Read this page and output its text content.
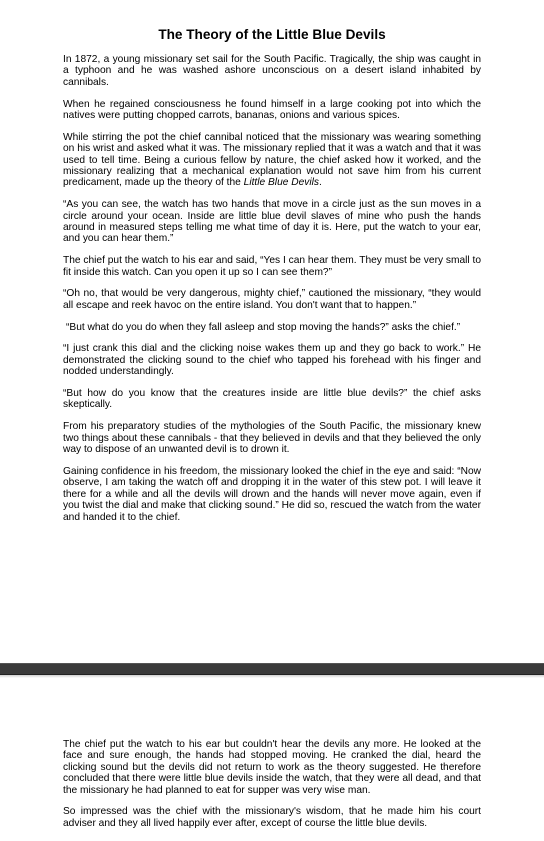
The Theory of the Little Blue Devils

In 1872, a young missionary set sail for the South Pacific. Tragically, the ship was caught in a typhoon and he was washed ashore unconscious on a desert island inhabited by cannibals.

When he regained consciousness he found himself in a large cooking pot into which the natives were putting chopped carrots, bananas, onions and various spices.

While stirring the pot the chief cannibal noticed that the missionary was wearing something on his wrist and asked what it was. The missionary replied that it was a watch and that it was used to tell time. Being a curious fellow by nature, the chief asked how it worked, and the missionary realizing that a mechanical explanation would not save him from his current predicament, made up the theory of the Little Blue Devils.

“As you can see, the watch has two hands that move in a circle just as the sun moves in a circle around your ocean. Inside are little blue devil slaves of mine who push the hands around in measured steps telling me what time of day it is. Here, put the watch to your ear, and you can hear them.”

The chief put the watch to his ear and said, “Yes I can hear them. They must be very small to fit inside this watch. Can you open it up so I can see them?”

“Oh no, that would be very dangerous, mighty chief,” cautioned the missionary, “they would all escape and reek havoc on the entire island. You don't want that to happen.”

“But what do you do when they fall asleep and stop moving the hands?” asks the chief.”

“I just crank this dial and the clicking noise wakes them up and they go back to work.” He demonstrated the clicking sound to the chief who tapped his forehead with his finger and nodded understandingly.

“But how do you know that the creatures inside are little blue devils?” the chief asks skeptically.

From his preparatory studies of the mythologies of the South Pacific, the missionary knew two things about these cannibals - that they believed in devils and that they believed the only way to dispose of an unwanted devil is to drown it.

Gaining confidence in his freedom, the missionary looked the chief in the eye and said: “Now observe, I am taking the watch off and dropping it in the water of this stew pot. I will leave it there for a while and all the devils will drown and the hands will never move again, even if you twist the dial and make that clicking sound.” He did so, rescued the watch from the water and handed it to the chief.

The chief put the watch to his ear but couldn't hear the devils any more. He looked at the face and sure enough, the hands had stopped moving. He cranked the dial, heard the clicking sound but the devils did not return to work as the theory suggested. He therefore concluded that there were little blue devils inside the watch, that they were all dead, and that the missionary he had planned to eat for supper was very wise man.

So impressed was the chief with the missionary's wisdom, that he made him his court adviser and they all lived happily ever after, except of course the little blue devils.
